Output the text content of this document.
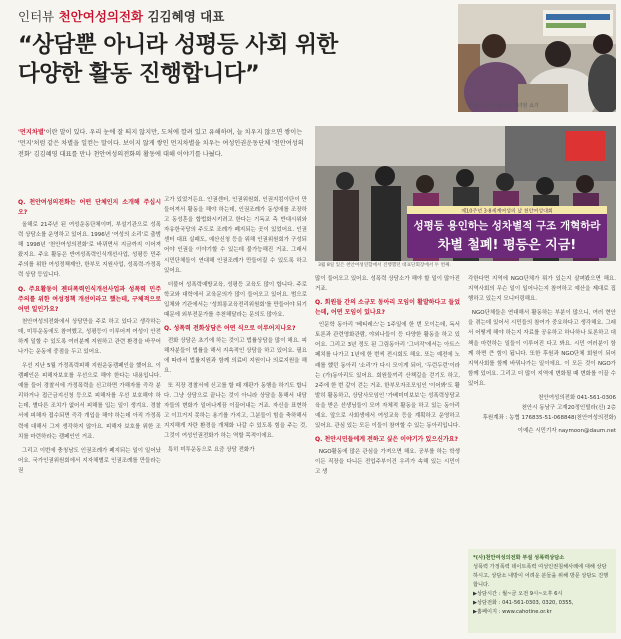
인터뷰 천안여성의전화 김김혜영 대표
“상담뿐 아니라 성평등 사회 위한
다양한 활동 진행합니다”
인생 이유적, 동아니 자녀된 쇼기
'먼지차별'이란 말이 있다. 우리 눈에 잘 띄지 않지만, 도처에 깔려 있고 유해하며, 늘 치우지 않으면 쌓이는 '먼지'처럼 같은 차별을 일컫는 말이다. 보이지 않게 쌓인 먼지차별을 치우는 여성인권운동단체 '천안여성의전화' 김김혜영 대표를 만나 천안여성의전화의 활동에 대해 이야기를 나눴다.
제10주년 3·8세계여성의 날 천안여성대회
성평등 용인하는 성차별적 구조 개혁하라
차별 철폐! 평등은 지금!
3월 8일 있은 천안여성연합에서 진행했던 대표단회장에서 두 번째.
Q. 천안여성의전화는 어떤 단체인지 소개해 주십시오?

올해로 21주년 된 여성운동단체이며, 부설기관으로 성폭력 상담소를 운영하고 있어요. 1996년 '여성의 소리'로 출범해 1998년 '천안여성의전화'로 바뀌면서 지금까지 이어져 왔지요. 주요 활동은 반여성폭력인식개선사업, 성평등 민주주의를 위한 여성정책제안, 한부모 지원사업, 성폭력·가정폭력 상담 등입니다.

Q. 주요활동이 젠더폭력인식개선사업과 성폭력 민주주의를 위한 여성정책 개선이라고 했는데, 구체적으로 어떤 일인가요?

천안여성의전화에서 상담만을 주로 하고 있다고 생각하는데, 미투운동에도 참여했고, 성평등이 이루어져 여성이 안전하게 일할 수 있도록 여러분께 지원하고 관련 환경을 바꾸어나가는 운동에 중점을 두고 있어요.

우선 지난 5월 가정폭력피해 지원운동캠페인을 했어요. 이 캠페인은 피해자보호를 우선으로 해야 한다는 내용입니다. 예를 들어 경찰서에 가정폭력을 신고하면 가해자를 즉각 분리하거나 접근금지신청 등으로 피해자를 우선 보호해야 하는데, 별다른 조치가 없어서 피해를 입는 일이 생겨요. 경찰서에 피해자 접수되면 즉각 개입을 해야 하는데 아직 가정폭력에 대해서 그저 생각하지 않아요. 피해자 보호를 위한 조치를 마련하라는 캠페인인 거죠.

그리고 이번에 충청남도 인권조례가 폐지되는 일이 일어났어요. 국가인권위원회에서 지자체별로 인권조례를 만들라는 권

고가 있었거든요. 인권센터, 인권위원회, 인권지킴이단이 만들어져서 활동을 해야 하는데, 인권조례가 동성애를 조장하고 동성혼을 합법화시키려고 한다는 기독교 측 반대시위와 자유한국당의 주도로 조례가 폐지되는 곳이 있었어요. 인권센터 대표 실패도, 예산신청 등을 위해 인권위원회가 구성되어야 인권을 이야기할 수 있는데 불가능해진 거죠. 그래서 시민단체들이 연대해 인권조례가 만들어질 수 있도록 하고 있어요.

더불어 성폭력예방교육, 성평등 교육도 많이 합니다. 주로 학교와 대학에서 교육문의가 많이 들어오고 있어요. 범으로 입체와 기관에서는 '성희롱교육전리위원회'를 만들어야 되기 때문에 외부전문가를 추천해달라는 문의도 많아요.

Q. 성폭력 전화상담은 어떤 식으로 이루어지나요?

전화 상담은 초기에 하는 것이고 법률상담을 많이 해요. 피해자분들이 법률을 해서 지속적인 상담을 하고 있어요. 필요에 따라서 법률지원과 함께 의료비 지원이나 의료지원을 해요.

또 직장 경찰서에 신고를 할 때 재판가 동행을 하기도 합니다. 그냥 상담으로 끝나는 것이 아니라 상담을 통해서 내담자들의 변화가 일어나게끔 이끌어내는 거죠. 자신을 표현하고 이끄거지 못하는 용기를 가지고, 그분들이 힘을 축하해서 지지해게 자란 환경을 개체화 나갈 수 있도록 힘을 주는 것, 그것이 여성인권전화가 하는 역할 목적이에요.

특히 미투운동으로 요즘 상담 전화가

많이 들어오고 있어요. 성폭력 상담소가 해야 할 일이 많아진 거죠.

Q. 회원들 간의 소규모 동아리 모임이 활발하다고 들었는데, 어떤 모임이 있나요?

인문학 동아리 '베티레스'는 1주일에 한 번 모이는데, 독서토론과 관련영화관람, 야외나들이 등 다양한 활동을 하고 있어요. 그리고 3년 정도 된 그림동아리 '그녀작'에서는 아트스페치를 나가고 1년에 한 번씩 전시회도 해요. 또는 예전에 노래를 했던 동아리 '소리'가 다시 모이게 되어, '두런두런'이라는 (가)동아리도 있어요. 회원들끼리 산책길을 걷기도 하고, 2주에 한 번 같이 걷는 거죠. 한부모자조모임인 '이어봐'도 활발히 활동하고, 상담사모임인 '가베미미보보'는 성폭력상담교육을 받은 선생님들이 모여 자체적 활동을 하고 있는 동아리예요. 앞으로 사회생에서 여성교육 등을 계획하고 운영하고 있어요. 관심 있는 모든 이들이 참여할 수 있는 동아리입니다.

Q. 천안시민들에게 전하고 싶은 이야기가 있으신가요?

NGO활동에 많은 관심을 가져으면 해요. 공부를 하는 학생이든 직장을 다니든 전업주부이건 우리가 속해 있는 시민이고 생

각한다면 지역에 NGO단체가 뭐가 있는지 살펴봤으면 해요. 지역사회의 무슨 일이 일어나는지 참여하고 예산을 제대로 집행하고 있는지 모니터링해요.

NGO단체들은 연대해서 활동하는 부분이 많으니, 여러 현안을 겪는데 있어서 시민들의 참여가 중요하다고 생각해요. 그래서 어떻게 해야 하는지 자료를 공유하고 하나하나 토론하고 대책을 마련하는 일들이 이루어진 다고 봐요. 시민 여러분이 함께 하면 큰 힘이 됩니다. 또한 후원과 NGO단체 회원이 되어 지역사회를 함께 바꿔나가는 일이에요. 이 모든 것이 NGO가 함께 있어요. 그리고 더 많이 지역에 변화될 때 변화를 이끌 수 있어요.

천안여성의전화 041-561-0306
천안시 동남구 고재20정인빌라(신) 2층
후원계좌 : 농협 176835-51-068848(천안여성의전화)
이예슨 시민기자 naymoon@daum.net
*(사)천안여성의전화 부설 성폭력상담소
성폭력 가정폭력 데이트폭력 여성인권침해사례에 대해 상담하시고, 상담소 내방이 어려운 분들을 위해 방문 상담도 진행합니다.
▶상담시간 : 월~금 오전 9시~오후 6시
▶상담전화 : 041-561-0303, 0320, 0355,
▶홈페이지 : www.cahotine.or.kr
